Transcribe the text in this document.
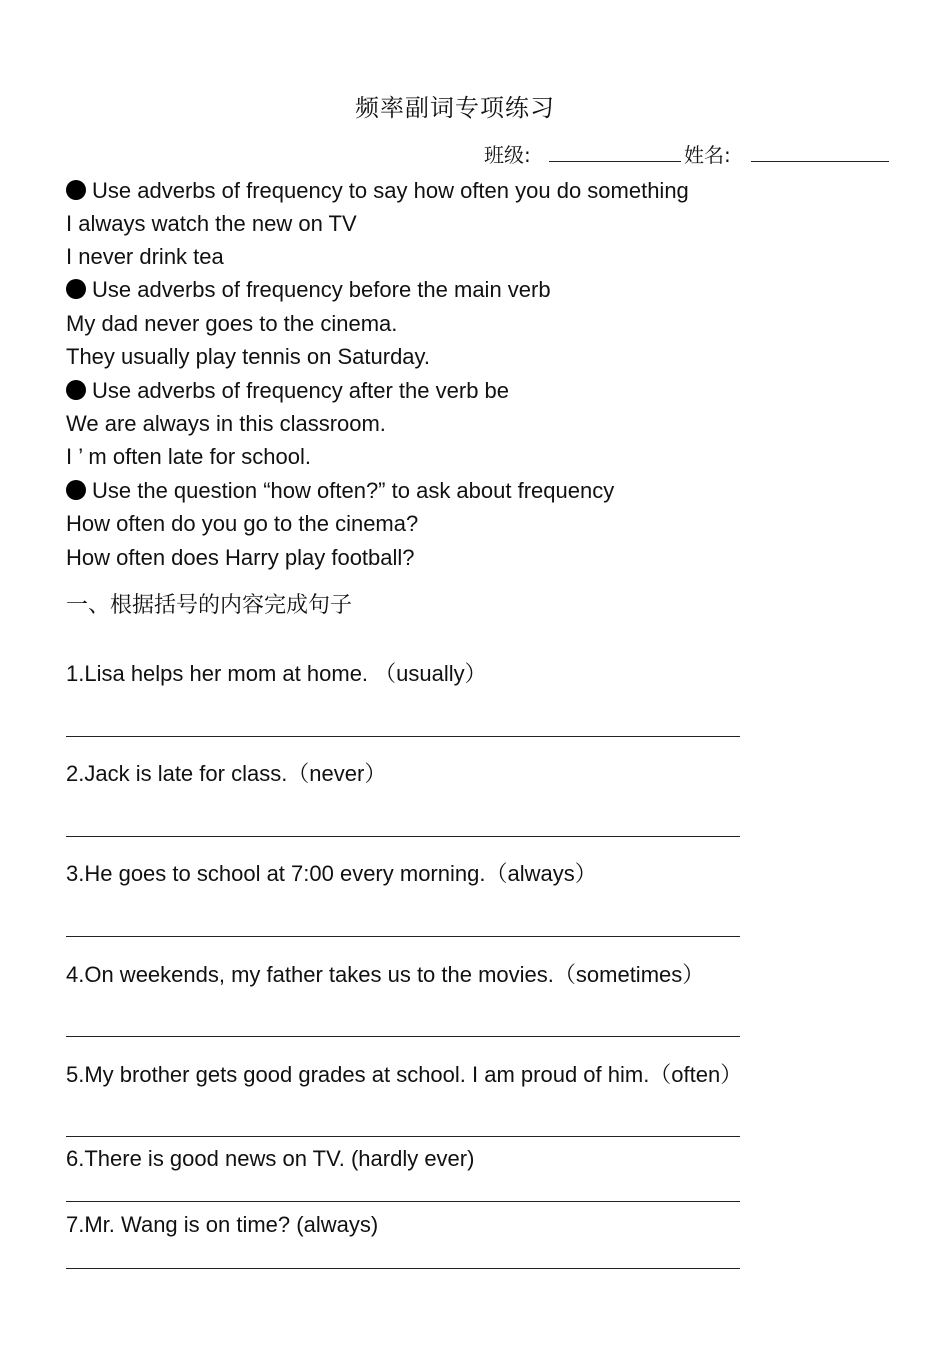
频率副词专项练习
班级:	姓名:
Use adverbs of frequency to say how often you do something
I always watch the new on TV
I never drink tea
Use adverbs of frequency before the main verb
My dad never goes to the cinema.
They usually play tennis on Saturday.
Use adverbs of frequency after the verb be
We are always in this classroom.
I ’ m often late for school.
Use the question “how often?” to ask about frequency
How often do you go to the cinema?
How often does Harry play football?
一、根据括号的内容完成句子
1.Lisa helps her mom at home. （usually）
2.Jack is late for class.（never）
3.He goes to school at 7:00 every morning.（always）
4.On weekends, my father takes us to the movies.（sometimes）
5.My brother gets good grades at school. I am proud of him.（often）
6.There is good news on TV. (hardly ever)
7.Mr. Wang is on time? (always)
